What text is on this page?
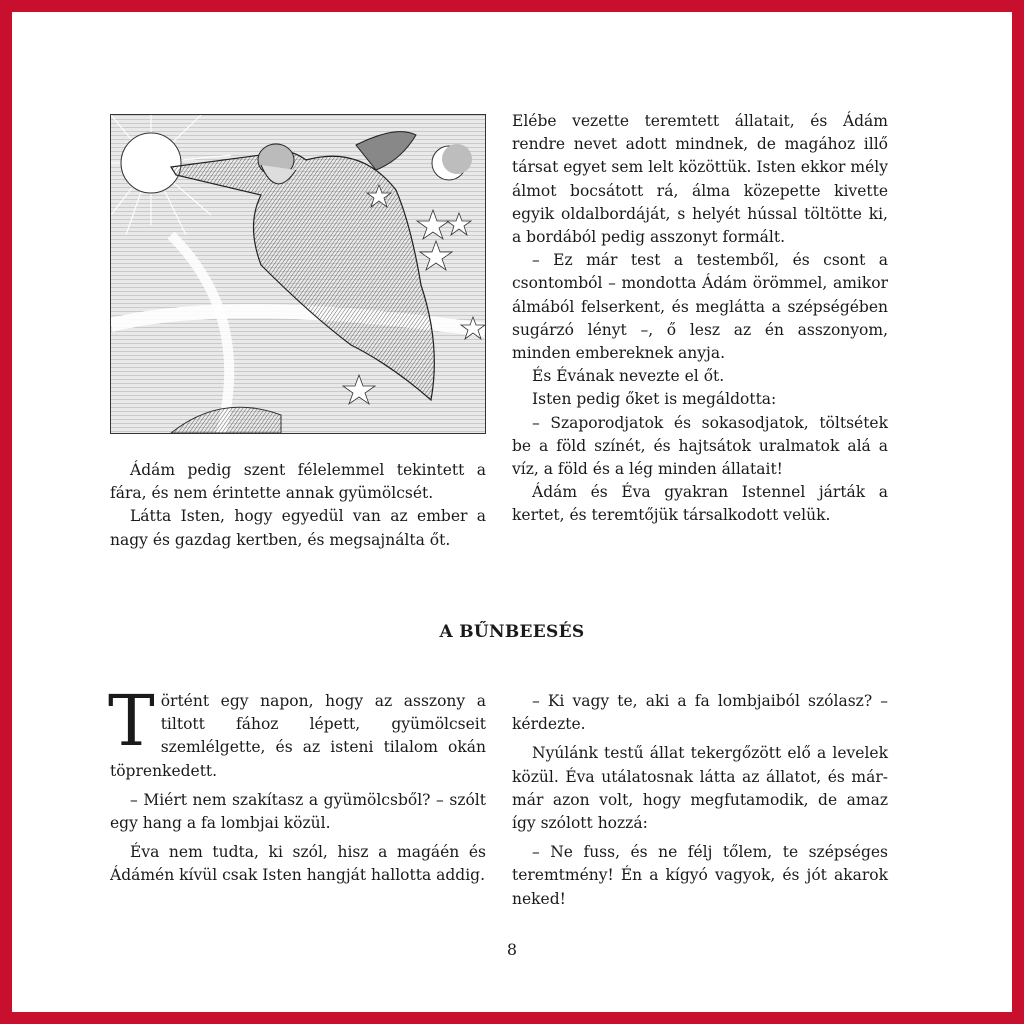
Ádám pedig szent félelemmel tekintett a fára, és nem érintette annak gyümölcsét.

Látta Isten, hogy egyedül van az ember a nagy és gazdag kertben, és megsajnálta őt.

Elébe vezette teremtett állatait, és Ádám rendre nevet adott mindnek, de magához illő társat egyet sem lelt közöttük. Isten ekkor mély álmot bocsátott rá, álma közepette kivette egyik oldalbordáját, s helyét hússal töltötte ki, a bordából pedig asszonyt formált.

– Ez már test a testemből, és csont a csontomból – mondotta Ádám örömmel, amikor álmából felserkent, és meglátta a szépségében sugárzó lényt –, ő lesz az én asszonyom, minden embereknek anyja.

És Évának nevezte el őt.

Isten pedig őket is megáldotta:

– Szaporodjatok és sokasodjatok, töltsétek be a föld színét, és hajtsátok uralmatok alá a víz, a föld és a lég minden állatait!

Ádám és Éva gyakran Istennel járták a kertet, és teremtőjük társalkodott velük.

A BŰNBEESÉS

Történt egy napon, hogy az asszony a tiltott fához lépett, gyümölcseit szemlélgette, és az isteni tilalom okán töprenkedett.

– Miért nem szakítasz a gyümölcsből? – szólt egy hang a fa lombjai közül.

Éva nem tudta, ki szól, hisz a magáén és Ádámén kívül csak Isten hangját hallotta addig.

– Ki vagy te, aki a fa lombjaiból szólasz? – kérdezte.

Nyúlánk testű állat tekergőzött elő a levelek közül. Éva utálatosnak látta az állatot, és már-már azon volt, hogy megfutamodik, de amaz így szólott hozzá:

– Ne fuss, és ne félj tőlem, te szépséges teremtmény! Én a kígyó vagyok, és jót akarok neked!

8
